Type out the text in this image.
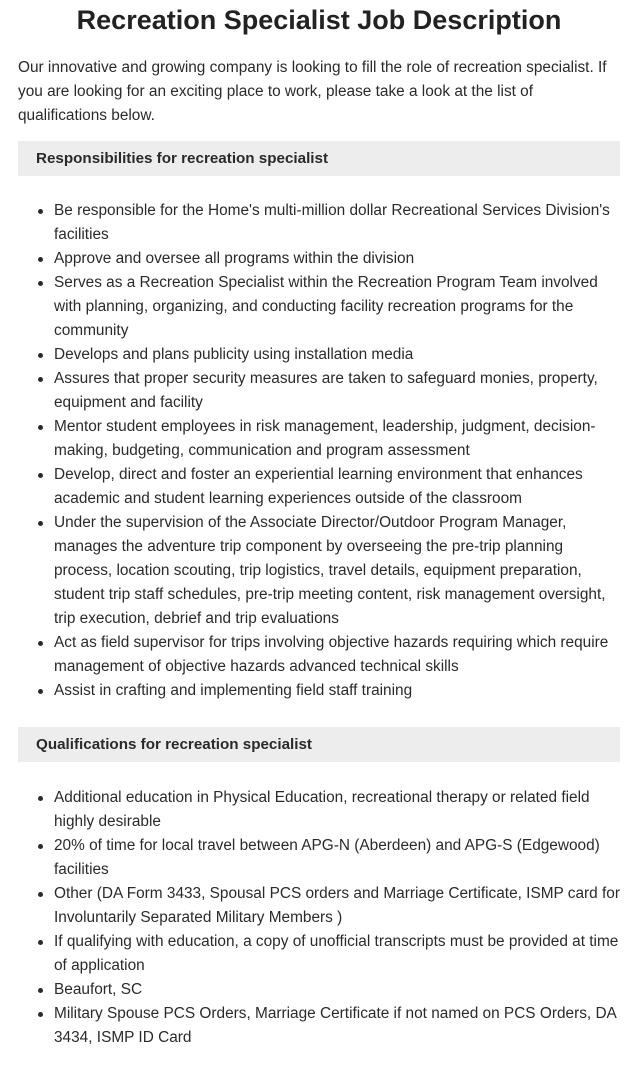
Recreation Specialist Job Description

Our innovative and growing company is looking to fill the role of recreation specialist. If you are looking for an exciting place to work, please take a look at the list of qualifications below.

Responsibilities for recreation specialist
Be responsible for the Home's multi-million dollar Recreational Services Division's facilities
Approve and oversee all programs within the division
Serves as a Recreation Specialist within the Recreation Program Team involved with planning, organizing, and conducting facility recreation programs for the community
Develops and plans publicity using installation media
Assures that proper security measures are taken to safeguard monies, property, equipment and facility
Mentor student employees in risk management, leadership, judgment, decision-making, budgeting, communication and program assessment
Develop, direct and foster an experiential learning environment that enhances academic and student learning experiences outside of the classroom
Under the supervision of the Associate Director/Outdoor Program Manager, manages the adventure trip component by overseeing the pre-trip planning process, location scouting, trip logistics, travel details, equipment preparation, student trip staff schedules, pre-trip meeting content, risk management oversight, trip execution, debrief and trip evaluations
Act as field supervisor for trips involving objective hazards requiring which require management of objective hazards advanced technical skills
Assist in crafting and implementing field staff training
Qualifications for recreation specialist
Additional education in Physical Education, recreational therapy or related field highly desirable
20% of time for local travel between APG-N (Aberdeen) and APG-S (Edgewood) facilities
Other (DA Form 3433, Spousal PCS orders and Marriage Certificate, ISMP card for Involuntarily Separated Military Members )
If qualifying with education, a copy of unofficial transcripts must be provided at time of application
Beaufort, SC
Military Spouse PCS Orders, Marriage Certificate if not named on PCS Orders, DA 3434, ISMP ID Card
